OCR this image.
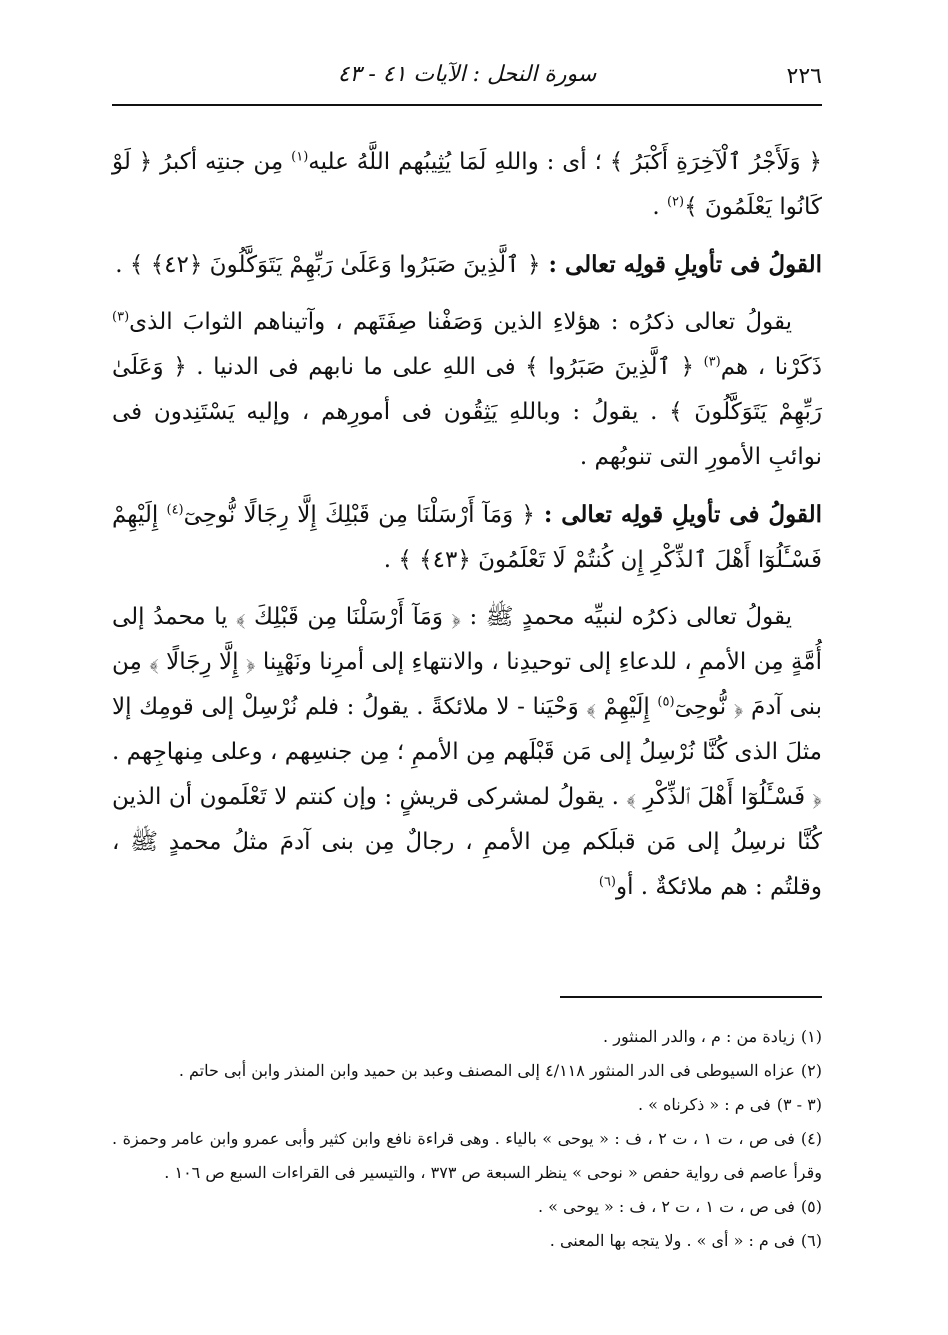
٢٢٦
سورة النحل : الآيات ٤١ - ٤٣

﴿ وَلَأَجْرُ ٱلْآخِرَةِ أَكْبَرُ ﴾ ؛ أى : واللهِ لَمَا يُثِيبُهم اللَّهُ عليه$^{(١)}$ مِن جنتِه أكبرُ ﴿ لَوْ كَانُوا يَعْلَمُونَ ﴾$^{(٢)}$ .

القولُ فى تأويلِ قولِه تعالى : ﴿ ٱلَّذِينَ صَبَرُوا وَعَلَىٰ رَبِّهِمْ يَتَوَكَّلُونَ ﴿٤٢﴾ ﴾ .

يقولُ تعالى ذكرُه : هؤلاءِ الذين وَصَفْنا صِفَتَهم ، وآتيناهم الثوابَ الذى$^{(٣)}$ ذَكَرْنا ، هم$^{(٣)}$ ﴿ ٱلَّذِينَ صَبَرُوا ﴾ فى اللهِ على ما نابهم فى الدنيا . ﴿ وَعَلَىٰ رَبِّهِمْ يَتَوَكَّلُونَ ﴾ . يقولُ : وباللهِ يَثِقُون فى أمورِهم ، وإليه يَسْتَنِدون فى نوائبِ الأمورِ التى تنوبُهم .

القولُ فى تأويلِ قولِه تعالى : ﴿ وَمَآ أَرْسَلْنَا مِن قَبْلِكَ إِلَّا رِجَالًا نُّوحِىٓ$^{(٤)}$ إِلَيْهِمْ فَسْـَٔلُوٓا أَهْلَ ٱلذِّكْرِ إِن كُنتُمْ لَا تَعْلَمُونَ ﴿٤٣﴾ ﴾ .

يقولُ تعالى ذكرُه لنبيِّه محمدٍ ﷺ : ﴿ وَمَآ أَرْسَلْنَا مِن قَبْلِكَ ﴾ يا محمدُ إلى أُمَّةٍ مِن الأممِ ، للدعاءِ إلى توحيدِنا ، والانتهاءِ إلى أمرِنا ونَهْيِنا ﴿ إِلَّا رِجَالًا ﴾ مِن بنى آدمَ ﴿ نُّوحِىٓ$^{(٥)}$ إِلَيْهِمْ ﴾ وَحْيَنا - لا ملائكةً . يقولُ : فلم نُرْسِلْ إلى قومِك إلا مثلَ الذى كُنَّا نُرْسِلُ إلى مَن قَبْلَهم مِن الأممِ ؛ مِن جنسِهم ، وعلى مِنهاجِهم . ﴿ فَسْـَٔلُوٓا أَهْلَ ٱلذِّكْرِ ﴾ . يقولُ لمشركى قريشٍ : وإن كنتم لا تَعْلَمون أن الذين كُنَّا نرسِلُ إلى مَن قبلَكم مِن الأممِ ، رجالٌ مِن بنى آدمَ مثلُ محمدٍ ﷺ ، وقلتُم : هم ملائكةٌ . أو$^{(٦)}$

(١)زيادة من : م ، والدر المنثور .

(٢)عزاه السيوطى فى الدر المنثور ٤/١١٨ إلى المصنف وعبد بن حميد وابن المنذر وابن أبى حاتم .

(٣ - ٣)فى م : « ذكرناه » .

(٤)فى ص ، ت ١ ، ت ٢ ، ف : « يوحى » بالياء . وهى قراءة نافع وابن كثير وأبى عمرو وابن عامر وحمزة . وقرأ عاصم فى رواية حفص « نوحى » ينظر السبعة ص ٣٧٣ ، والتيسير فى القراءات السبع ص ١٠٦ .

(٥)فى ص ، ت ١ ، ت ٢ ، ف : « يوحى » .

(٦)فى م : « أى » . ولا يتجه بها المعنى .
